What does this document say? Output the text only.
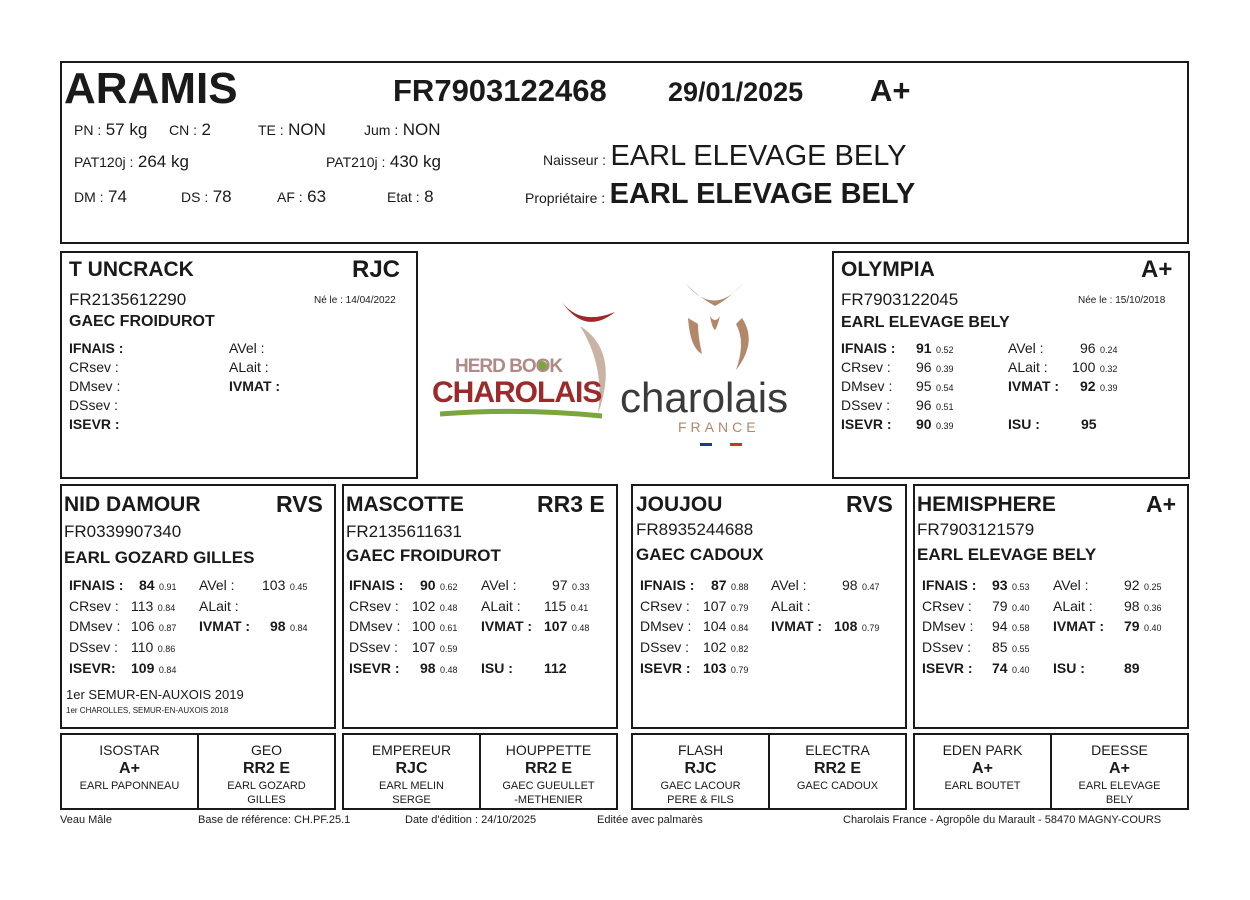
ARAMIS	FR7903122468 29/01/2025 A+
PN : 57 kg CN : 2	TE : NON	Jum : NON
PAT120j : 264 kg	PAT210j : 430 kg
DM : 74	DS : 78	AF : 63	Etat : 8
Naisseur : EARL ELEVAGE BELY
Propriétaire : EARL ELEVAGE BELY
T UNCRACK	RJC
FR2135612290	Né le : 14/04/2022
GAEC FROIDUROT
IFNAIS :
CRsev :
DMsev :
DSsev :
ISEVR :
AVel :
ALait :
IVMAT :
HERD BOOK
CHAROLAIS charolais
FRANCE
OLYMPIA	A+
FR7903122045	Née le : 15/10/2018
EARL ELEVAGE BELY
IFNAIS : 91 0.52
CRsev : 96 0.39
DMsev : 95 0.54
DSsev : 96 0.51
ISEVR : 90 0.39
AVel :	96 0.24
ALait : 100 0.32
IVMAT : 92 0.39
ISU :	95
NID DAMOUR	RVS
FR0339907340
EARL GOZARD GILLES
IFNAIS : 84 0.91
CRsev : 113 0.84
DMsev : 106 0.87
DSsev : 110 0.86
ISEVR: 109 0.84
AVel : 103 0.45
ALait :
IVMAT : 98 0.84
1er SEMUR-EN-AUXOIS 2019
1er CHAROLLES, SEMUR-EN-AUXOIS 2018
MASCOTTE	RR3 E
FR2135611631
GAEC FROIDUROT
IFNAIS : 90 0.62
CRsev : 102 0.48
DMsev : 100 0.61
DSsev : 107 0.59
ISEVR : 98 0.48
AVel :	97 0.33
ALait : 115 0.41
IVMAT : 107 0.48
ISU : 112
JOUJOU	RVS
FR8935244688
GAEC CADOUX
IFNAIS : 87 0.88
CRsev : 107 0.79
DMsev : 104 0.84
DSsev : 102 0.82
ISEVR : 103 0.79
AVel :	98 0.47
ALait :
IVMAT : 108 0.79
HEMISPHERE	A+
FR7903121579
EARL ELEVAGE BELY
IFNAIS : 93 0.53
CRsev : 79 0.40
DMsev : 94 0.58
DSsev : 85 0.55
ISEVR : 74 0.40
AVel :	92 0.25
ALait : 98 0.36
IVMAT : 79 0.40
ISU :	89
ISOSTAR
A+
EARL PAPONNEAU
GEO
RR2 E
EARL GOZARD
GILLES
EMPEREUR
RJC
EARL MELIN
SERGE
HOUPPETTE
RR2 E
GAEC GUEULLET
-METHENIER
FLASH
RJC
GAEC LACOUR
PERE & FILS
ELECTRA
RR2 E
GAEC CADOUX
EDEN PARK
A+
EARL BOUTET
DEESSE
A+
EARL ELEVAGE
BELY
Veau Mâle	Base de référence: CH.PF.25.1	Date d'édition : 24/10/2025	Editée avec palmarès	Charolais France - Agropôle du Marault - 58470 MAGNY-COURS
